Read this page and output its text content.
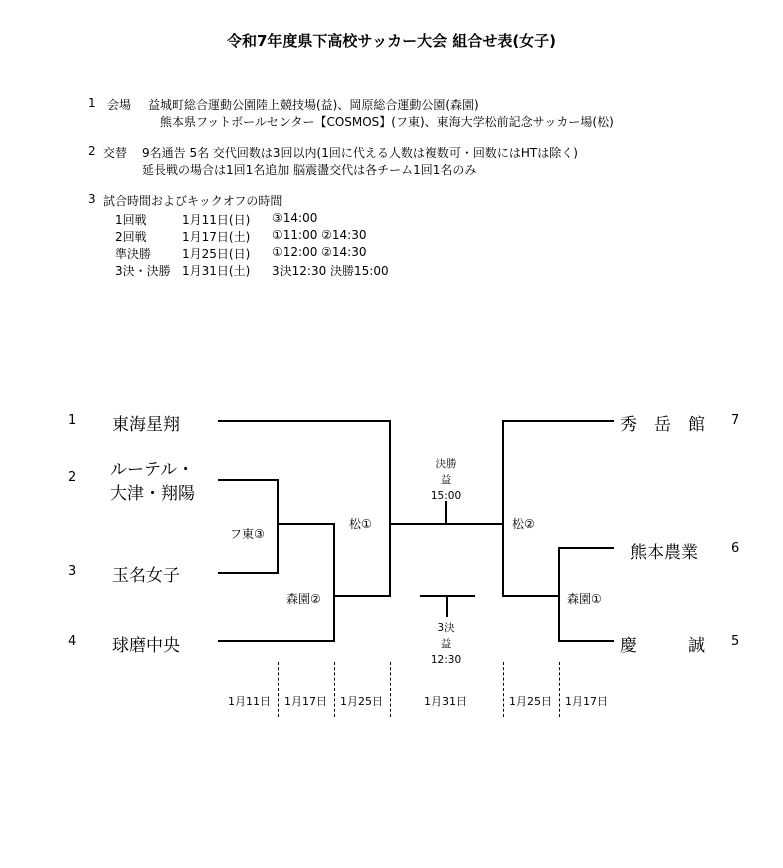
令和7年度県下高校サッカー大会 組合せ表(女子)
1 会場 益城町総合運動公園陸上競技場(益)、岡原総合運動公園(森園)
熊本県フットボールセンター【COSMOS】(フ東)、東海大学松前記念サッカー場(松)
2 交替 9名通告 5名 交代回数は3回以内(1回に代える人数は複数可・回数にはHTは除く)
延長戦の場合は1回1名追加 脳震盪交代は各チーム1回1名のみ
3 試合時間およびキックオフの時間
1回戦	1月11日(日) ③14:00
2回戦	1月17日(土) ①11:00 ②14:30
準決勝	1月25日(日) ①12:00 ②14:30
3決・決勝 1月31日(土) 3決12:30 決勝15:00
1 東海星翔
2 ルーテル・
大津・翔陽
3 玉名女子
4 球磨中央
秀　岳　館 7
熊本農業	6
慶　　　誠 5
フ東③
森園②
松①	松②
森園①
決勝
益
15:00
3決
益
12:30
1月11日 1月17日 1月25日	1月31日	1月25日 1月17日
